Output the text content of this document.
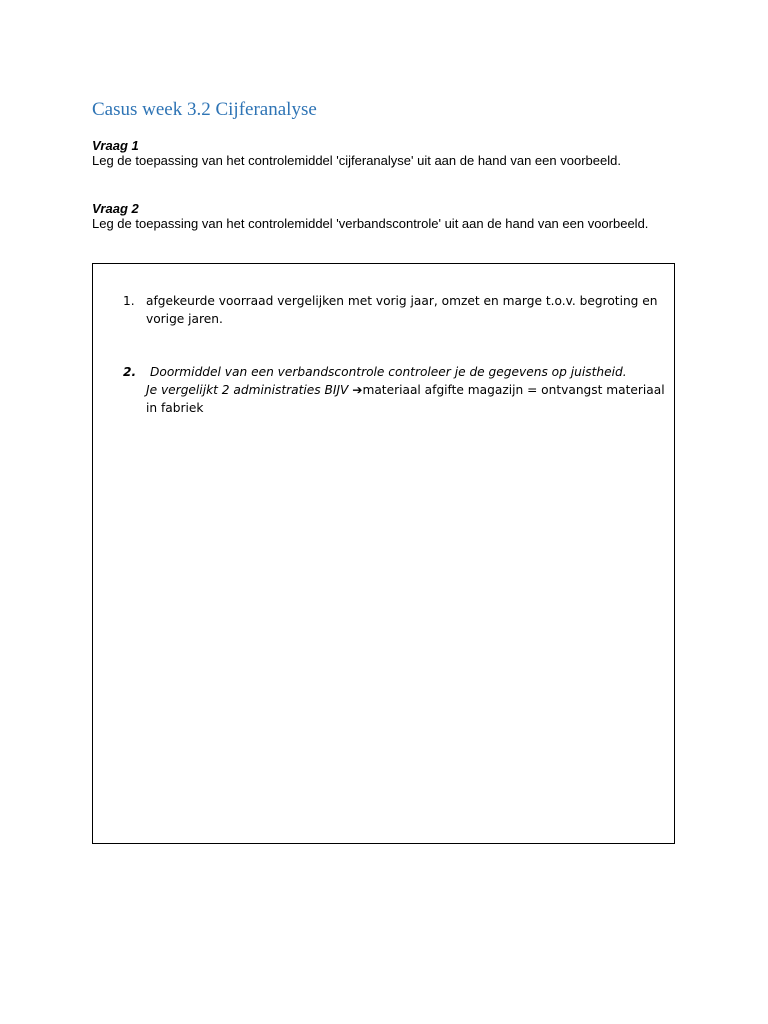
Casus week 3.2 Cijferanalyse
Vraag 1
Leg de toepassing van het controlemiddel 'cijferanalyse' uit aan de hand van een voorbeeld.
Vraag 2
Leg de toepassing van het controlemiddel 'verbandscontrole' uit aan de hand van een voorbeeld.
1. afgekeurde voorraad vergelijken met vorig jaar, omzet en marge t.o.v. begroting en vorige jaren.
2.	Doormiddel van een verbandscontrole controleer je de gegevens op juistheid.
Je vergelijkt 2 administraties BIJV ➔materiaal afgifte magazijn = ontvangst materiaal in fabriek
